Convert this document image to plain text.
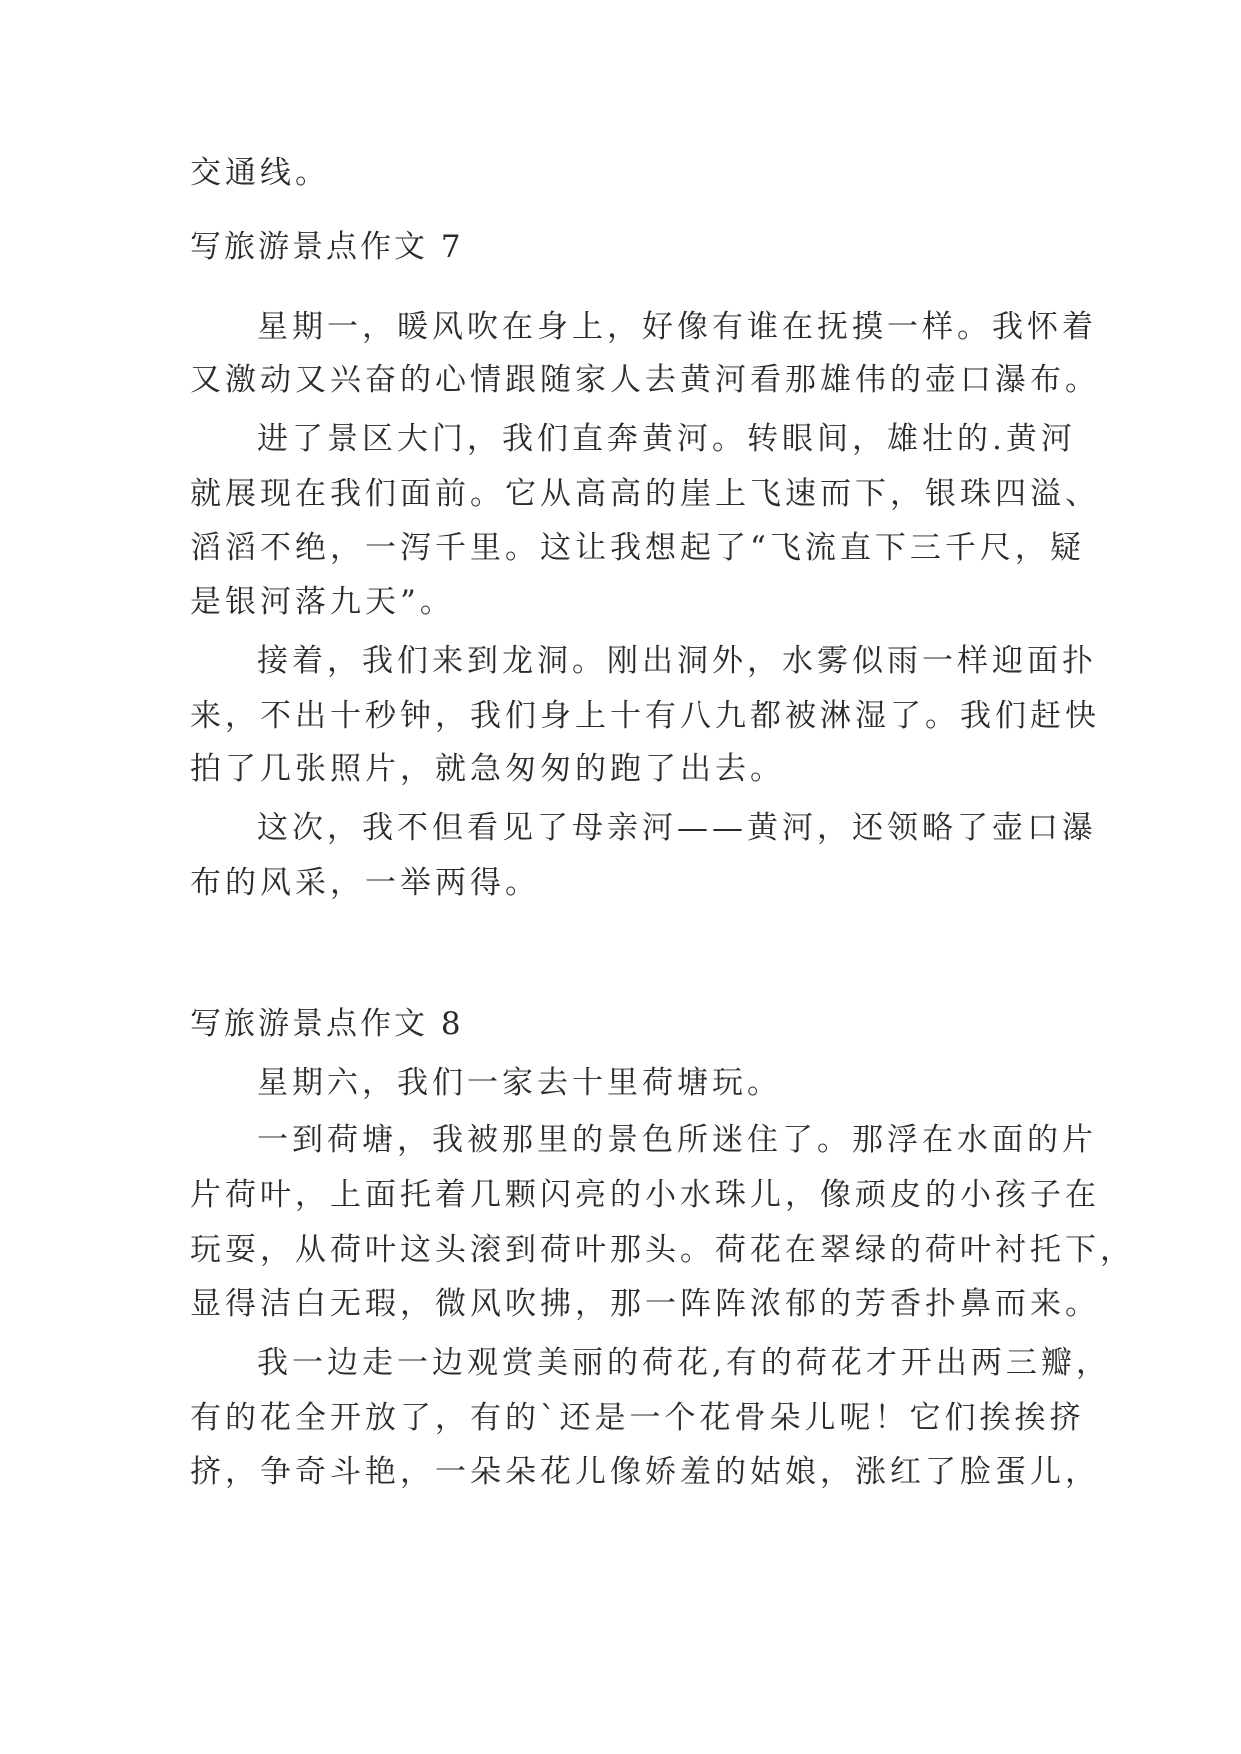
交通线。

写旅游景点作文 7

星期一，暖风吹在身上，好像有谁在抚摸一样。我怀着

又激动又兴奋的心情跟随家人去黄河看那雄伟的壶口瀑布。

进了景区大门，我们直奔黄河。转眼间，雄壮的.黄河

就展现在我们面前。它从高高的崖上飞速而下，银珠四溢、

滔滔不绝，一泻千里。这让我想起了“飞流直下三千尺，疑

是银河落九天”。

接着，我们来到龙洞。刚出洞外，水雾似雨一样迎面扑

来，不出十秒钟，我们身上十有八九都被淋湿了。我们赶快

拍了几张照片，就急匆匆的跑了出去。

这次，我不但看见了母亲河——黄河，还领略了壶口瀑

布的风采，一举两得。

写旅游景点作文 8

星期六，我们一家去十里荷塘玩。

一到荷塘，我被那里的景色所迷住了。那浮在水面的片

片荷叶，上面托着几颗闪亮的小水珠儿，像顽皮的小孩子在

玩耍，从荷叶这头滚到荷叶那头。荷花在翠绿的荷叶衬托下，

显得洁白无瑕，微风吹拂，那一阵阵浓郁的芳香扑鼻而来。

我一边走一边观赏美丽的荷花,有的荷花才开出两三瓣，

有的花全开放了，有的`还是一个花骨朵儿呢！它们挨挨挤

挤，争奇斗艳，一朵朵花儿像娇羞的姑娘，涨红了脸蛋儿，
